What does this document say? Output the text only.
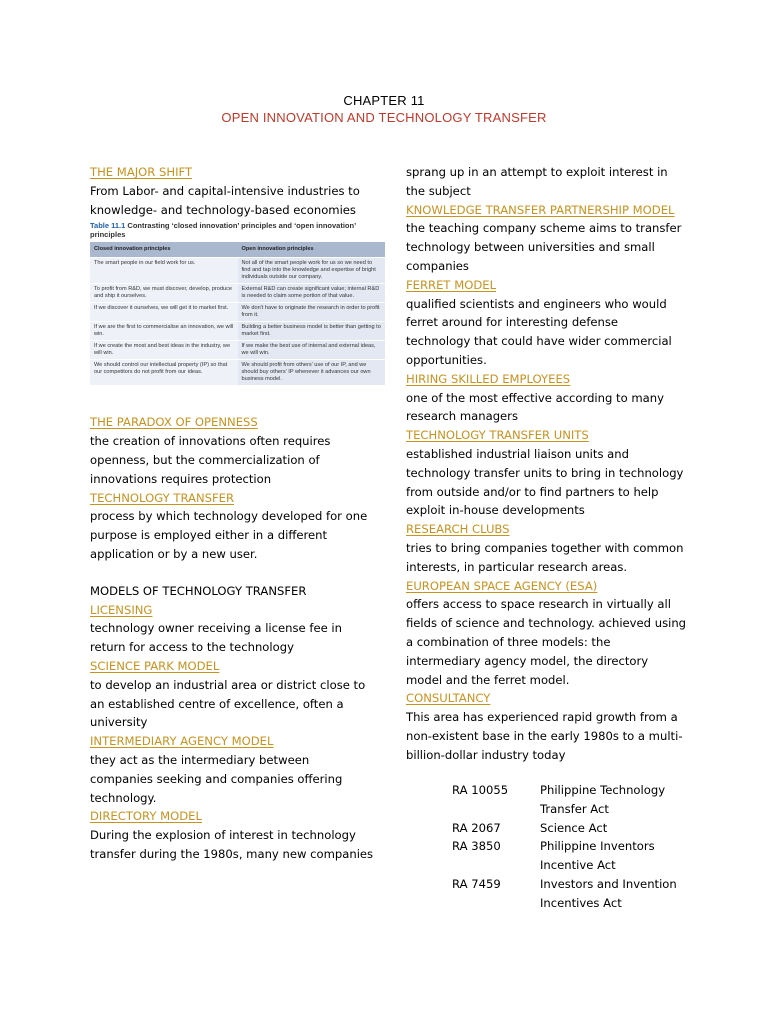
CHAPTER 11
OPEN INNOVATION AND TECHNOLOGY TRANSFER
THE MAJOR SHIFT
From Labor- and capital-intensive industries to
knowledge- and technology-based economies
Table 11.1 Contrasting ‘closed innovation’ principles and ‘open innovation’ principles
Closed innovation principles	Open innovation principles
The smart people in our field work for us.	Not all of the smart people work for us so we need to find and tap into the knowledge and expertise of bright individuals outside our company.
To profit from R&D, we must discover, develop, produce and ship it ourselves.	External R&D can create significant value; internal R&D is needed to claim some portion of that value.
If we discover it ourselves, we will get it to market first.	We don't have to originate the research in order to profit from it.
If we are the first to commercialise an innovation, we will win.	Building a better business model is better than getting to market first.
If we create the most and best ideas in the industry, we will win.	If we make the best use of internal and external ideas, we will win.
We should control our intellectual property (IP) so that our competitors do not profit from our ideas.	We should profit from others' use of our IP, and we should buy others' IP whenever it advances our own business model.
THE PARADOX OF OPENNESS
the creation of innovations often requires
openness, but the commercialization of
innovations requires protection
TECHNOLOGY TRANSFER
process by which technology developed for one
purpose is employed either in a different
application or by a new user.
MODELS OF TECHNOLOGY TRANSFER
LICENSING
technology owner receiving a license fee in
return for access to the technology
SCIENCE PARK MODEL
to develop an industrial area or district close to
an established centre of excellence, often a
university
INTERMEDIARY AGENCY MODEL
they act as the intermediary between
companies seeking and companies offering
technology.
DIRECTORY MODEL
During the explosion of interest in technology
transfer during the 1980s, many new companies
sprang up in an attempt to exploit interest in
the subject
KNOWLEDGE TRANSFER PARTNERSHIP MODEL
the teaching company scheme aims to transfer
technology between universities and small
companies
FERRET MODEL
qualified scientists and engineers who would
ferret around for interesting defense
technology that could have wider commercial
opportunities.
HIRING SKILLED EMPLOYEES
one of the most effective according to many
research managers
TECHNOLOGY TRANSFER UNITS
established industrial liaison units and
technology transfer units to bring in technology
from outside and/or to find partners to help
exploit in-house developments
RESEARCH CLUBS
tries to bring companies together with common
interests, in particular research areas.
EUROPEAN SPACE AGENCY (ESA)
offers access to space research in virtually all
fields of science and technology. achieved using
a combination of three models: the
intermediary agency model, the directory
model and the ferret model.
CONSULTANCY
This area has experienced rapid growth from a
non-existent base in the early 1980s to a multi-
billion-dollar industry today
RA 10055	Philippine Technology Transfer Act
RA 2067	Science Act
RA 3850	Philippine Inventors Incentive Act
RA 7459	Investors and Invention Incentives Act
